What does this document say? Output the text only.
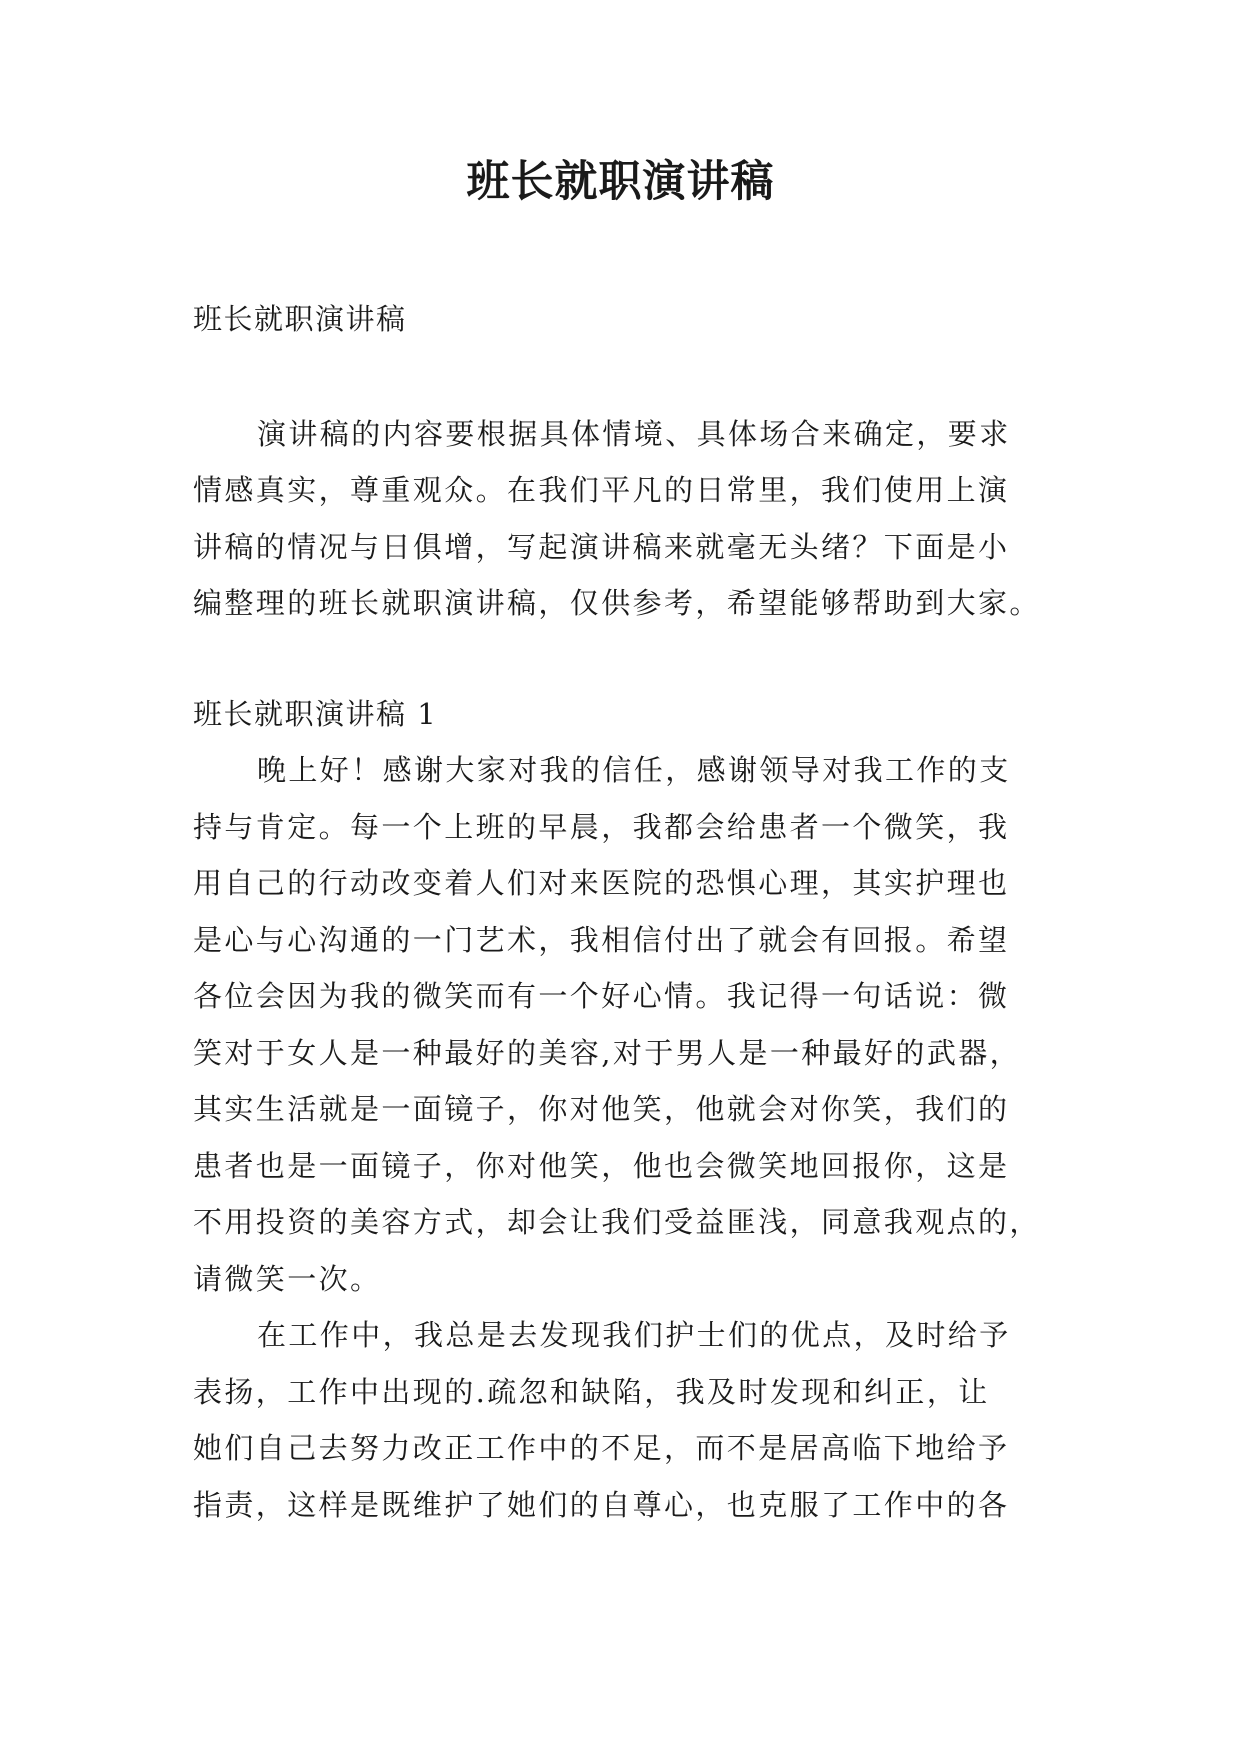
班长就职演讲稿

班长就职演讲稿

演讲稿的内容要根据具体情境、具体场合来确定，要求

情感真实，尊重观众。在我们平凡的日常里，我们使用上演

讲稿的情况与日俱增，写起演讲稿来就毫无头绪？下面是小

编整理的班长就职演讲稿，仅供参考，希望能够帮助到大家。

班长就职演讲稿 1

晚上好！感谢大家对我的信任，感谢领导对我工作的支

持与肯定。每一个上班的早晨，我都会给患者一个微笑，我

用自己的行动改变着人们对来医院的恐惧心理，其实护理也

是心与心沟通的一门艺术，我相信付出了就会有回报。希望

各位会因为我的微笑而有一个好心情。我记得一句话说：微

笑对于女人是一种最好的美容,对于男人是一种最好的武器，

其实生活就是一面镜子，你对他笑，他就会对你笑，我们的

患者也是一面镜子，你对他笑，他也会微笑地回报你，这是

不用投资的美容方式，却会让我们受益匪浅，同意我观点的，

请微笑一次。

在工作中，我总是去发现我们护士们的优点，及时给予

表扬，工作中出现的.疏忽和缺陷，我及时发现和纠正，让

她们自己去努力改正工作中的不足，而不是居高临下地给予

指责，这样是既维护了她们的自尊心，也克服了工作中的各
